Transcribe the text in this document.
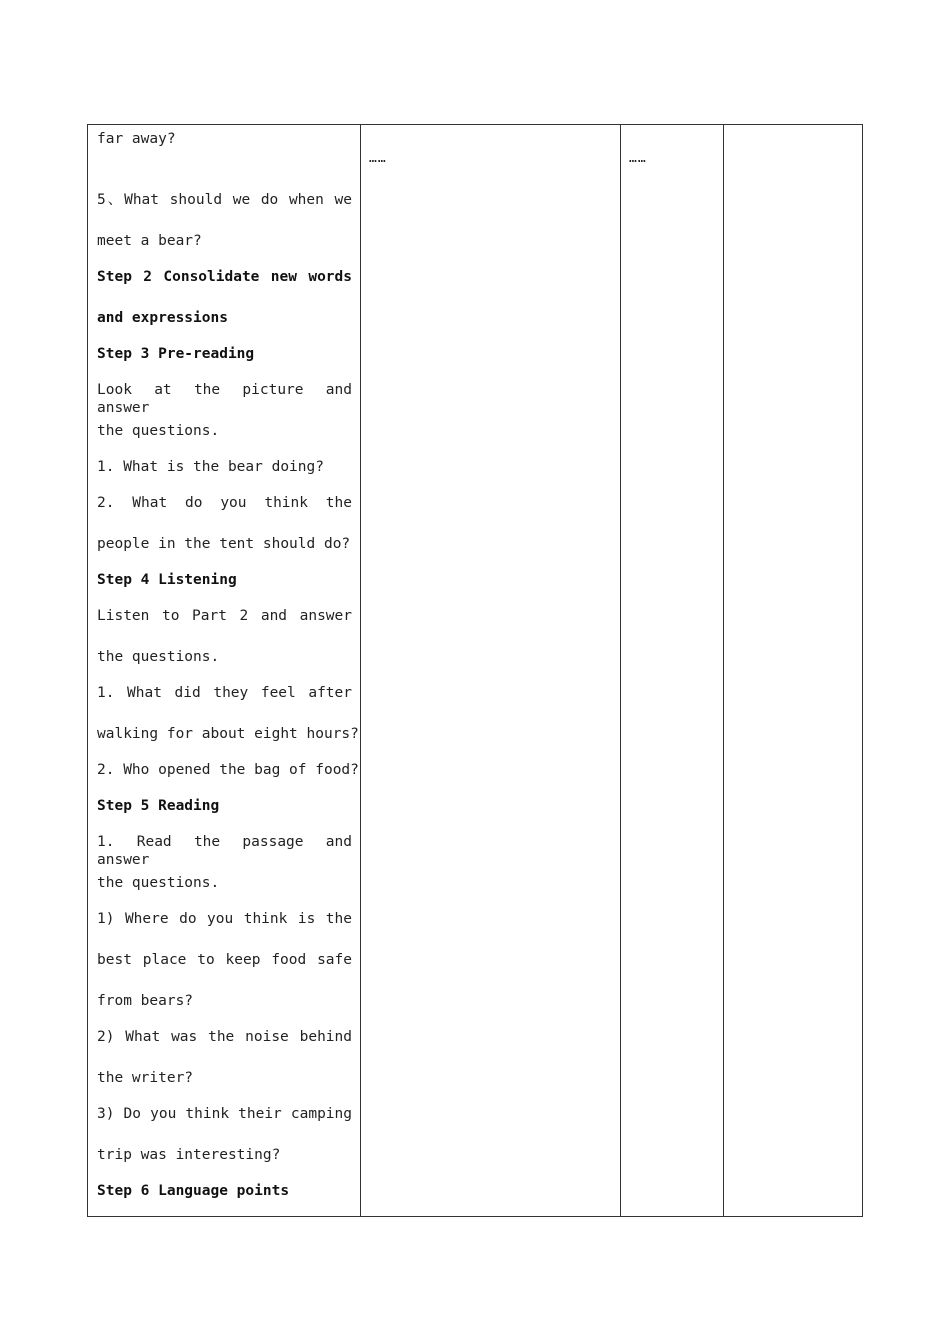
far away?
5、What should we do when we
meet a bear?
Step 2 Consolidate new words
and expressions
Step 3 Pre-reading
Look at the picture and answer
the questions.
1. What is the bear doing?
2. What do you think the
people in the tent should do?
Step 4 Listening
Listen to Part 2 and answer
the questions.
1. What did they feel after
walking for about eight hours?
2. Who opened the bag of food?
Step 5 Reading
1. Read the passage and answer
the questions.
1) Where do you think is the
best place to keep food safe
from bears?
2) What was the noise behind
the writer?
3) Do you think their camping
trip was interesting?
Step 6 Language points
……	……
